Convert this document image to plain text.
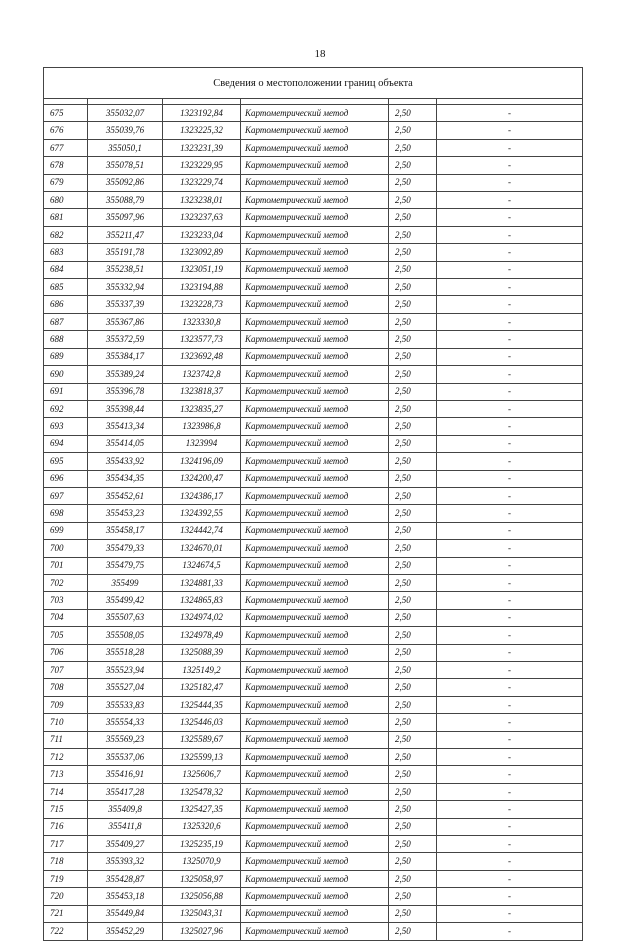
18
Сведения о местоположении границ объекта					

675	355032,07	1323192,84	Картометрический метод	2,50	-
676	355039,76	1323225,32	Картометрический метод	2,50	-
677	355050,1	1323231,39	Картометрический метод	2,50	-
678	355078,51	1323229,95	Картометрический метод	2,50	-
679	355092,86	1323229,74	Картометрический метод	2,50	-
680	355088,79	1323238,01	Картометрический метод	2,50	-
681	355097,96	1323237,63	Картометрический метод	2,50	-
682	355211,47	1323233,04	Картометрический метод	2,50	-
683	355191,78	1323092,89	Картометрический метод	2,50	-
684	355238,51	1323051,19	Картометрический метод	2,50	-
685	355332,94	1323194,88	Картометрический метод	2,50	-
686	355337,39	1323228,73	Картометрический метод	2,50	-
687	355367,86	1323330,8	Картометрический метод	2,50	-
688	355372,59	1323577,73	Картометрический метод	2,50	-
689	355384,17	1323692,48	Картометрический метод	2,50	-
690	355389,24	1323742,8	Картометрический метод	2,50	-
691	355396,78	1323818,37	Картометрический метод	2,50	-
692	355398,44	1323835,27	Картометрический метод	2,50	-
693	355413,34	1323986,8	Картометрический метод	2,50	-
694	355414,05	1323994	Картометрический метод	2,50	-
695	355433,92	1324196,09	Картометрический метод	2,50	-
696	355434,35	1324200,47	Картометрический метод	2,50	-
697	355452,61	1324386,17	Картометрический метод	2,50	-
698	355453,23	1324392,55	Картометрический метод	2,50	-
699	355458,17	1324442,74	Картометрический метод	2,50	-
700	355479,33	1324670,01	Картометрический метод	2,50	-
701	355479,75	1324674,5	Картометрический метод	2,50	-
702	355499	1324881,33	Картометрический метод	2,50	-
703	355499,42	1324865,83	Картометрический метод	2,50	-
704	355507,63	1324974,02	Картометрический метод	2,50	-
705	355508,05	1324978,49	Картометрический метод	2,50	-
706	355518,28	1325088,39	Картометрический метод	2,50	-
707	355523,94	1325149,2	Картометрический метод	2,50	-
708	355527,04	1325182,47	Картометрический метод	2,50	-
709	355533,83	1325444,35	Картометрический метод	2,50	-
710	355554,33	1325446,03	Картометрический метод	2,50	-
711	355569,23	1325589,67	Картометрический метод	2,50	-
712	355537,06	1325599,13	Картометрический метод	2,50	-
713	355416,91	1325606,7	Картометрический метод	2,50	-
714	355417,28	1325478,32	Картометрический метод	2,50	-
715	355409,8	1325427,35	Картометрический метод	2,50	-
716	355411,8	1325320,6	Картометрический метод	2,50	-
717	355409,27	1325235,19	Картометрический метод	2,50	-
718	355393,32	1325070,9	Картометрический метод	2,50	-
719	355428,87	1325058,97	Картометрический метод	2,50	-
720	355453,18	1325056,88	Картометрический метод	2,50	-
721	355449,84	1325043,31	Картометрический метод	2,50	-
722	355452,29	1325027,96	Картометрический метод	2,50	-
